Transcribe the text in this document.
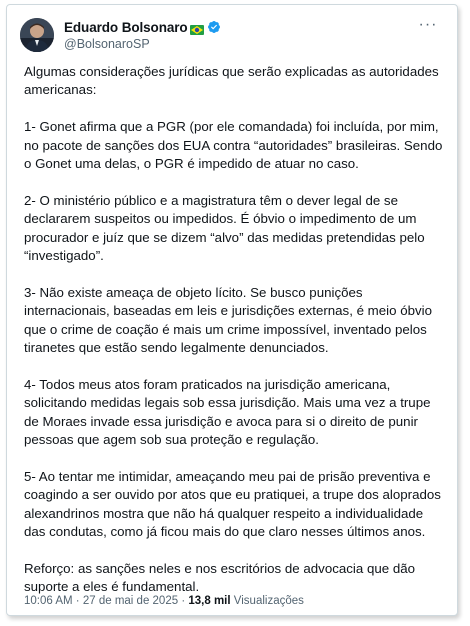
Eduardo Bolsonaro
@BolsonaroSP
···

Algumas considerações jurídicas que serão explicadas as autoridades americanas:

1- Gonet afirma que a PGR (por ele comandada) foi incluída, por mim, no pacote de sanções dos EUA contra “autoridades” brasileiras. Sendo o Gonet uma delas, o PGR é impedido de atuar no caso.

2- O ministério público e a magistratura têm o dever legal de se declararem suspeitos ou impedidos. É óbvio o impedimento de um procurador e juíz que se dizem “alvo” das medidas pretendidas pelo “investigado”.

3- Não existe ameaça de objeto lícito. Se busco punições internacionais, baseadas em leis e jurisdições externas, é meio óbvio que o crime de coação é mais um crime impossível, inventado pelos tiranetes que estão sendo legalmente denunciados.

4- Todos meus atos foram praticados na jurisdição americana, solicitando medidas legais sob essa jurisdição. Mais uma vez a trupe de Moraes invade essa jurisdição e avoca para si o direito de punir pessoas que agem sob sua proteção e regulação.

5- Ao tentar me intimidar, ameaçando meu pai de prisão preventiva e coagindo a ser ouvido por atos que eu pratiquei, a trupe dos aloprados alexandrinos mostra que não há qualquer respeito a individualidade das condutas, como já ficou mais do que claro nesses últimos anos.

Reforço: as sanções neles e nos escritórios de advocacia que dão suporte a eles é fundamental.

10:06 AM · 27 de mai de 2025 · 13,8 mil Visualizações
